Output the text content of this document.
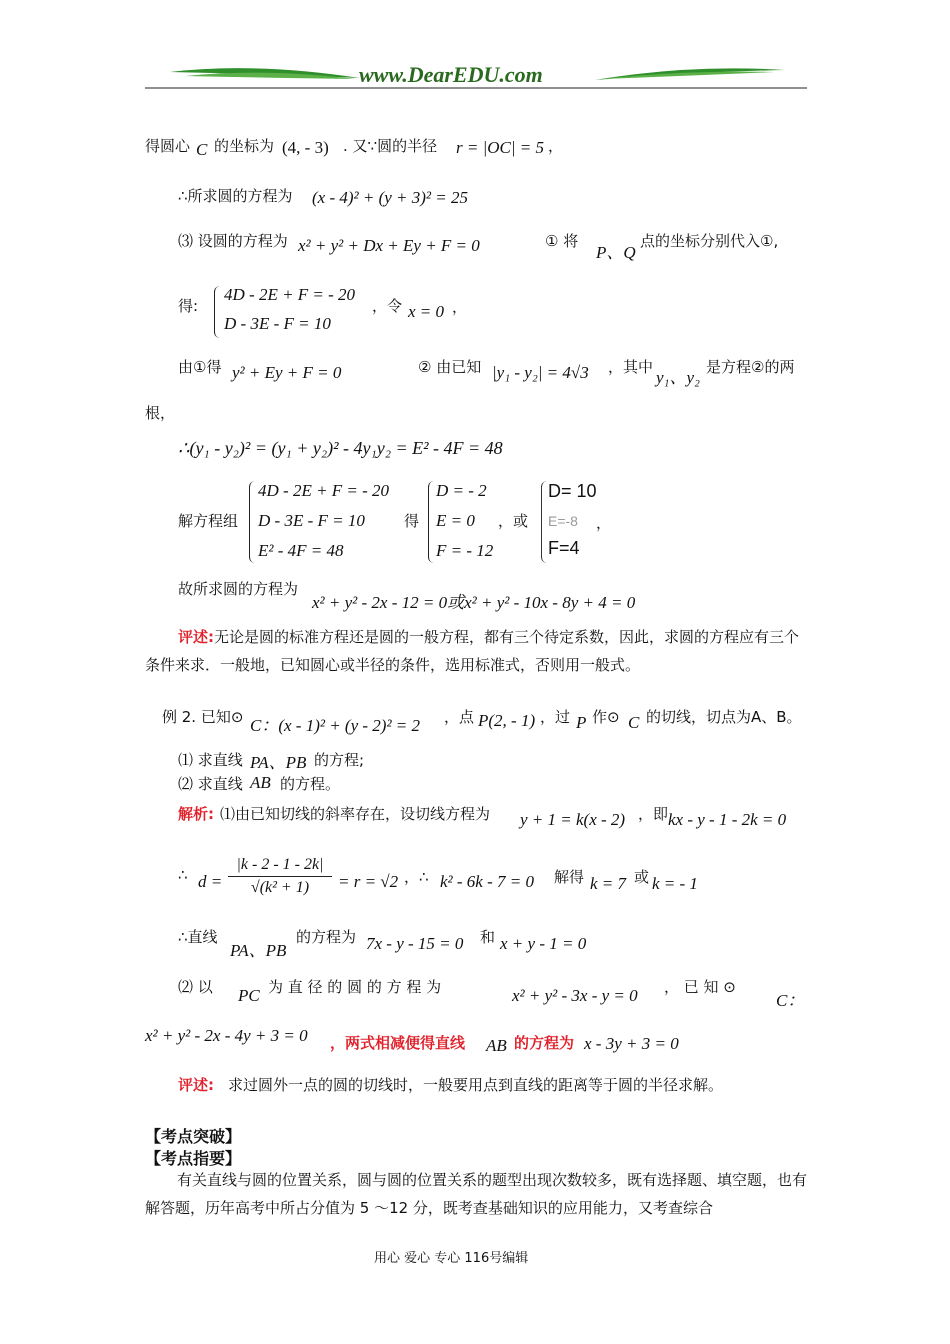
www.DearEDU.com
得圆心 C 的坐标为 (4, - 3) . 又∵圆的半径 r = |OC| = 5 ，
∴所求圆的方程为 (x - 4)² + (y + 3)² = 25
⑶ 设圆的方程为 x² + y² + Dx + Ey + F = 0	① 将
P、Q
点的坐标分别代入①,
得:
4D - 2E + F = - 20
D - 3E - F = 10
，令 x = 0 ，
由①得 y² + Ey + F = 0	② 由已知 |y₁ - y₂| = 4√3 ，其中
y₁、y₂
是方程②的两
根，
∴(y₁ - y₂)² = (y₁ + y₂)² - 4y₁y₂ = E² - 4F = 48
解方程组
4D - 2E + F = - 20
D - 3E - F = 10
E² - 4F = 48
得
D = - 2
E = 0
F = - 12
，或
D= 10
E=-8
F=4
，
故所求圆的方程为
x² + y² - 2x - 12 = 0或x² + y² - 10x - 8y + 4 = 0
评述:无论是圆的标准方程还是圆的一般方程，都有三个待定系数，因此，求圆的方程应有三个条件来求．一般地，已知圆心或半径的条件，选用标准式，否则用一般式。
例 2. 已知⊙ C：(x - 1)² + (y - 2)² = 2 ，点 P(2, - 1) ，过 P 作⊙ C 的切线，切点为A、B。
⑴ 求直线 PA、PB 的方程;
⑵ 求直线 AB 的方程。
解析: ⑴由已知切线的斜率存在，设切线方程为 y + 1 = k(x - 2) ，即 kx - y - 1 - 2k = 0
∴ d =
|k - 2 - 1 - 2k|
√(k² + 1)	= r = √2 ，∴ k² - 6k - 7 = 0 解得 k = 7 或 k = - 1
∴直线
PA、PB
的方程为 7x - y - 15 = 0 和 x + y - 1 = 0
⑵ 以 PC 为 直 径 的 圆 的 方 程 为	x² + y² - 3x - y = 0 ， 已 知 ⊙
C：
x² + y² - 2x - 4y + 3 = 0 ，两式相减便得直线 AB 的方程为 x - 3y + 3 = 0
评述: 求过圆外一点的圆的切线时，一般要用点到直线的距离等于圆的半径求解。
【考点突破】
【考点指要】
有关直线与圆的位置关系，圆与圆的位置关系的题型出现次数较多，既有选择题、填空题，也有解答题，历年高考中所占分值为 5 ～12 分，既考查基础知识的应用能力，又考查综合
用心 爱心 专心 116号编辑
